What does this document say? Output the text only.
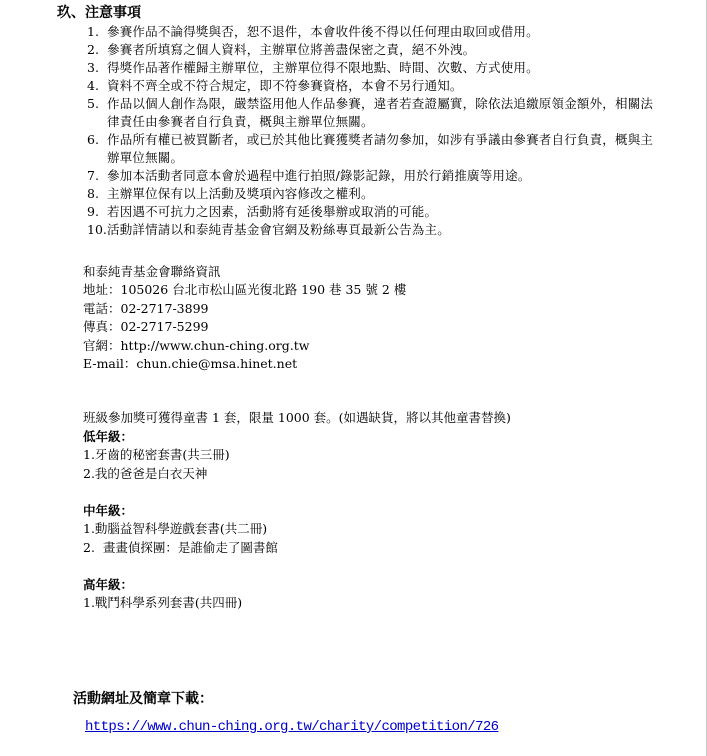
玖、注意事項
1. 參賽作品不論得獎與否，恕不退件，本會收件後不得以任何理由取回或借用。
2. 參賽者所填寫之個人資料，主辦單位將善盡保密之責，絕不外洩。
3. 得獎作品著作權歸主辦單位，主辦單位得不限地點、時間、次數、方式使用。
4. 資料不齊全或不符合規定，即不符參賽資格，本會不另行通知。
5. 作品以個人創作為限，嚴禁盜用他人作品參賽，違者若查證屬實，除依法追繳原領金額外，相關法律責任由參賽者自行負責，概與主辦單位無關。
6. 作品所有權已被買斷者，或已於其他比賽獲獎者請勿參加，如涉有爭議由參賽者自行負責，概與主辦單位無關。
7. 參加本活動者同意本會於過程中進行拍照/錄影記錄，用於行銷推廣等用途。
8. 主辦單位保有以上活動及獎項內容修改之權利。
9. 若因遇不可抗力之因素，活動將有延後舉辦或取消的可能。
10. 活動詳情請以和泰純青基金會官網及粉絲專頁最新公告為主。
和泰純青基金會聯絡資訊
地址：105026 台北市松山區光復北路 190 巷 35 號 2 樓
電話：02-2717-3899
傳真：02-2717-5299
官網：http://www.chun-ching.org.tw
E-mail：chun.chie@msa.hinet.net
班級參加獎可獲得童書 1 套，限量 1000 套。(如遇缺貨，將以其他童書替換)
低年級：
1.牙齒的秘密套書(共三冊)
2.我的爸爸是白衣天神
中年級：
1.動腦益智科學遊戲套書(共二冊)
2.  畫畫偵探團：是誰偷走了圖書館
高年級：
1.戰鬥科學系列套書(共四冊)
活動網址及簡章下載：
https://www.chun-ching.org.tw/charity/competition/726
